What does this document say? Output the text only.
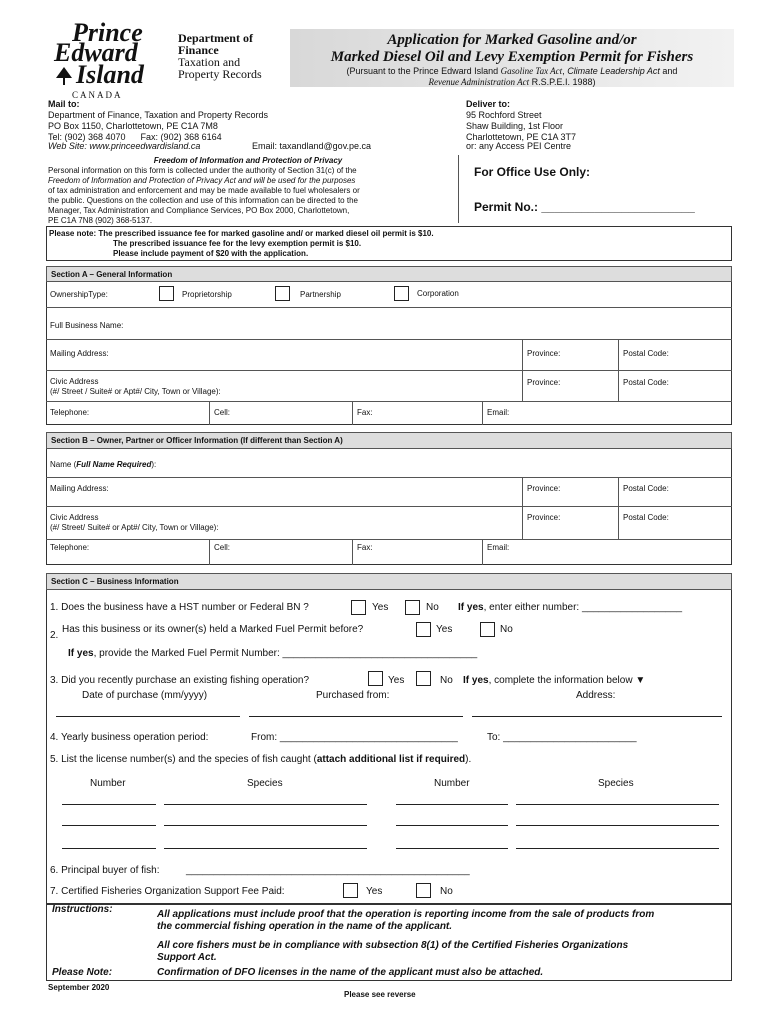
Prince
Edward
Island
CANADA
Department of
Finance
Taxation and
Property Records
Application for Marked Gasoline and/or
Marked Diesel Oil and Levy Exemption Permit for Fishers
(Pursuant to the Prince Edward Island Gasoline Tax Act, Climate Leadership Act and
Revenue Administration Act R.S.P.E.I. 1988)
Mail to:
Department of Finance, Taxation and Property Records
PO Box 1150, Charlottetown, PE C1A 7M8
Tel: (902) 368 4070      Fax: (902) 368 6164
Web Site: www.princeedwardisland.ca	Email: taxandland@gov.pe.ca
Deliver to:
95 Rochford Street
Shaw Building, 1st Floor
Charlottetown, PE C1A 3T7
or: any Access PEI Centre
Freedom of Information and Protection of Privacy
Personal information on this form is collected under the authority of Section 31(c) of the
Freedom of Information and Protection of Privacy Act and will be used for the purposes
of tax administration and enforcement and may be made available to fuel wholesalers or
the public. Questions on the collection and use of this information can be directed to the
Manager, Tax Administration and Compliance Services, PO Box 2000, Charlottetown,
PE C1A 7N8 (902) 368-5137.
For Office Use Only:
Permit No.: _______________________
Please note: The prescribed issuance fee for marked gasoline and/ or marked diesel oil permit is $10.
The prescribed issuance fee for the levy exemption permit is $10.
Please include payment of $20 with the application.
Section A – General Information
OwnershipType:	Proprietorship	Partnership	Corporation
Full Business Name:
Mailing Address:	Province:	Postal Code:
Civic Address
(#/ Street / Suite# or Apt#/ City, Town or Village):
Province:	Postal Code:
Telephone:	Cell:	Fax:	Email:
Section B – Owner, Partner or Officer Information (If different than Section A)
Name (Full Name Required):
Mailing Address:	Province:	Postal Code:
Civic Address
(#/ Street/ Suite# or Apt#/ City, Town or Village):
Province:	Postal Code:
Telephone:	Cell:	Fax:	Email:
Section C – Business Information
1. Does the business have a HST number or Federal BN ?	Yes	No If yes, enter either number: __________________
2.
Has this business or its owner(s) held a Marked Fuel Permit before?	Yes	No
If yes, provide the Marked Fuel Permit Number: ___________________________________
3. Did you recently purchase an existing fishing operation?	Yes	No If yes, complete the information below ▼
Date of purchase (mm/yyyy)	Purchased from:	Address:
4. Yearly business operation period:	From: ________________________________	To: ________________________
5. List the license number(s) and the species of fish caught (attach additional list if required).
Number	Species	Number	Species
6. Principal buyer of fish:	___________________________________________________
7. Certified Fisheries Organization Support Fee Paid:	Yes	No
Instructions:	All applications must include proof that the operation is reporting income from the sale of products from
the commercial fishing operation in the name of the applicant.
All core fishers must be in compliance with subsection 8(1) of the Certified Fisheries Organizations
Support Act.
Please Note:	Confirmation of DFO licenses in the name of the applicant must also be attached.
September 2020
Please see reverse
